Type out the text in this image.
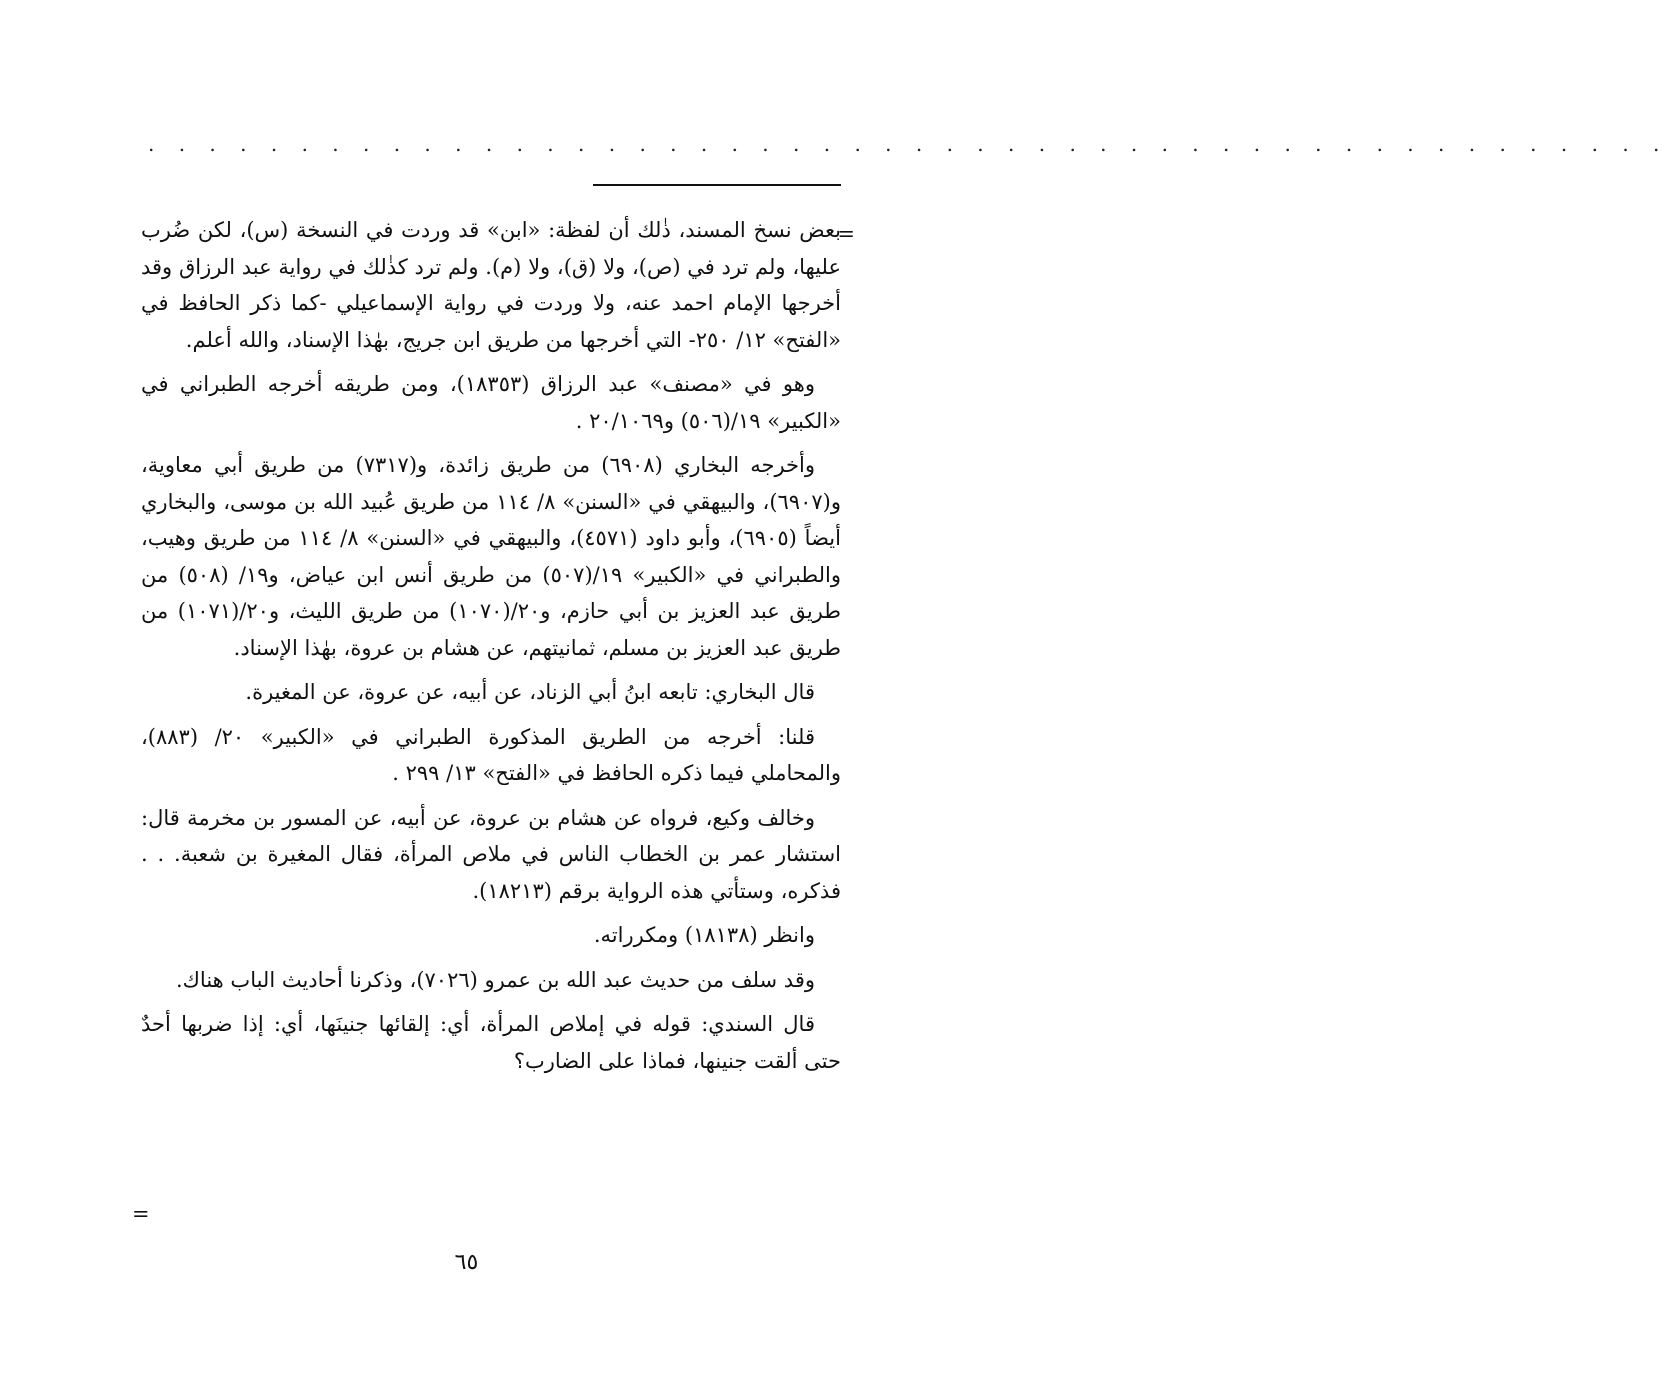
. . . . . . . . . . . . . . . . . . . . . . . . . . . . . . . . . . . . . . . . . . . . . . . . . .
=

بعض نسخ المسند، ذٰلك أن لفظة: «ابن» قد وردت في النسخة (س)، لكن ضُرب عليها، ولم ترد في (ص)، ولا (ق)، ولا (م). ولم ترد كذٰلك في رواية عبد الرزاق وقد أخرجها الإمام احمد عنه، ولا وردت في رواية الإسماعيلي -كما ذكر الحافظ في «الفتح» ١٢/ ٢٥٠- التي أخرجها من طريق ابن جريج، بهٰذا الإسناد، والله أعلم.

وهو في «مصنف» عبد الرزاق (١٨٣٥٣)، ومن طريقه أخرجه الطبراني في «الكبير» ١٩/(٥٠٦) و٢٠/١٠٦٩ .

وأخرجه البخاري (٦٩٠٨) من طريق زائدة، و(٧٣١٧) من طريق أبي معاوية، و(٦٩٠٧)، والبيهقي في «السنن» ٨/ ١١٤ من طريق عُبيد الله بن موسى، والبخاري أيضاً (٦٩٠٥)، وأبو داود (٤٥٧١)، والبيهقي في «السنن» ٨/ ١١٤ من طريق وهيب، والطبراني في «الكبير» ١٩/(٥٠٧) من طريق أنس ابن عياض، و١٩/ (٥٠٨) من طريق عبد العزيز بن أبي حازم، و٢٠/(١٠٧٠) من طريق الليث، و٢٠/(١٠٧١) من طريق عبد العزيز بن مسلم، ثمانيتهم، عن هشام بن عروة، بهٰذا الإسناد.

قال البخاري: تابعه ابنُ أبي الزناد، عن أبيه، عن عروة، عن المغيرة.

قلنا: أخرجه من الطريق المذكورة الطبراني في «الكبير» ٢٠/ (٨٨٣)، والمحاملي فيما ذكره الحافظ في «الفتح» ١٣/ ٢٩٩ .

وخالف وكيع، فرواه عن هشام بن عروة، عن أبيه، عن المسور بن مخرمة قال: استشار عمر بن الخطاب الناس في ملاص المرأة، فقال المغيرة بن شعبة. . . فذكره، وستأتي هذه الرواية برقم (١٨٢١٣).

وانظر (١٨١٣٨) ومكرراته.

وقد سلف من حديث عبد الله بن عمرو (٧٠٢٦)، وذكرنا أحاديث الباب هناك.

قال السندي: قوله في إملاص المرأة، أي: إلقائها جنينَها، أي: إذا ضربها أحدٌ حتى ألقت جنينها، فماذا على الضارب؟

=
٦٥
